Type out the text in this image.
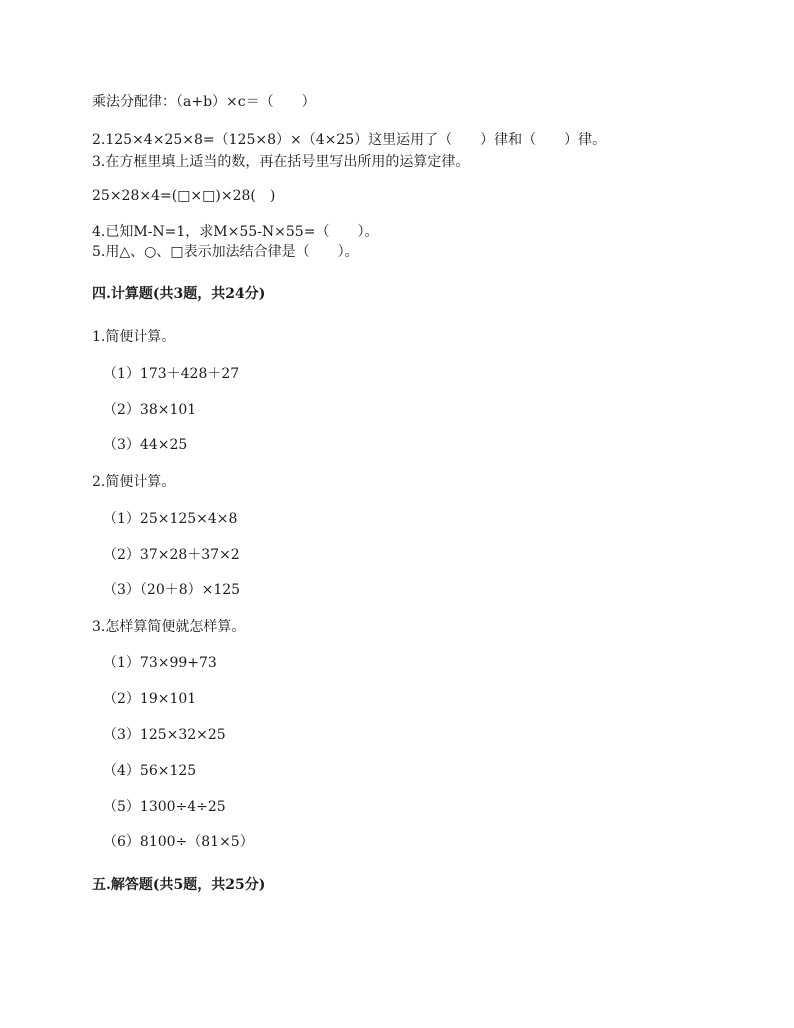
乘法分配律：（a+b）×c＝（　　）
2.125×4×25×8=（125×8）×（4×25）这里运用了（　　）律和（　　）律。
3.在方框里填上适当的数，再在括号里写出所用的运算定律。
25×28×4=(□×□)×28(　)
4.已知M-N=1，求M×55-N×55=（　　）。
5.用△、○、□表示加法结合律是（　　）。
四.计算题(共3题，共24分)
1.简便计算。
（1）173＋428＋27
（2）38×101
（3）44×25
2.简便计算。
（1）25×125×4×8
（2）37×28＋37×2
（3）（20＋8）×125
3.怎样算简便就怎样算。
（1）73×99+73
（2）19×101
（3）125×32×25
（4）56×125
（5）1300÷4÷25
（6）8100÷（81×5）
五.解答题(共5题，共25分)
